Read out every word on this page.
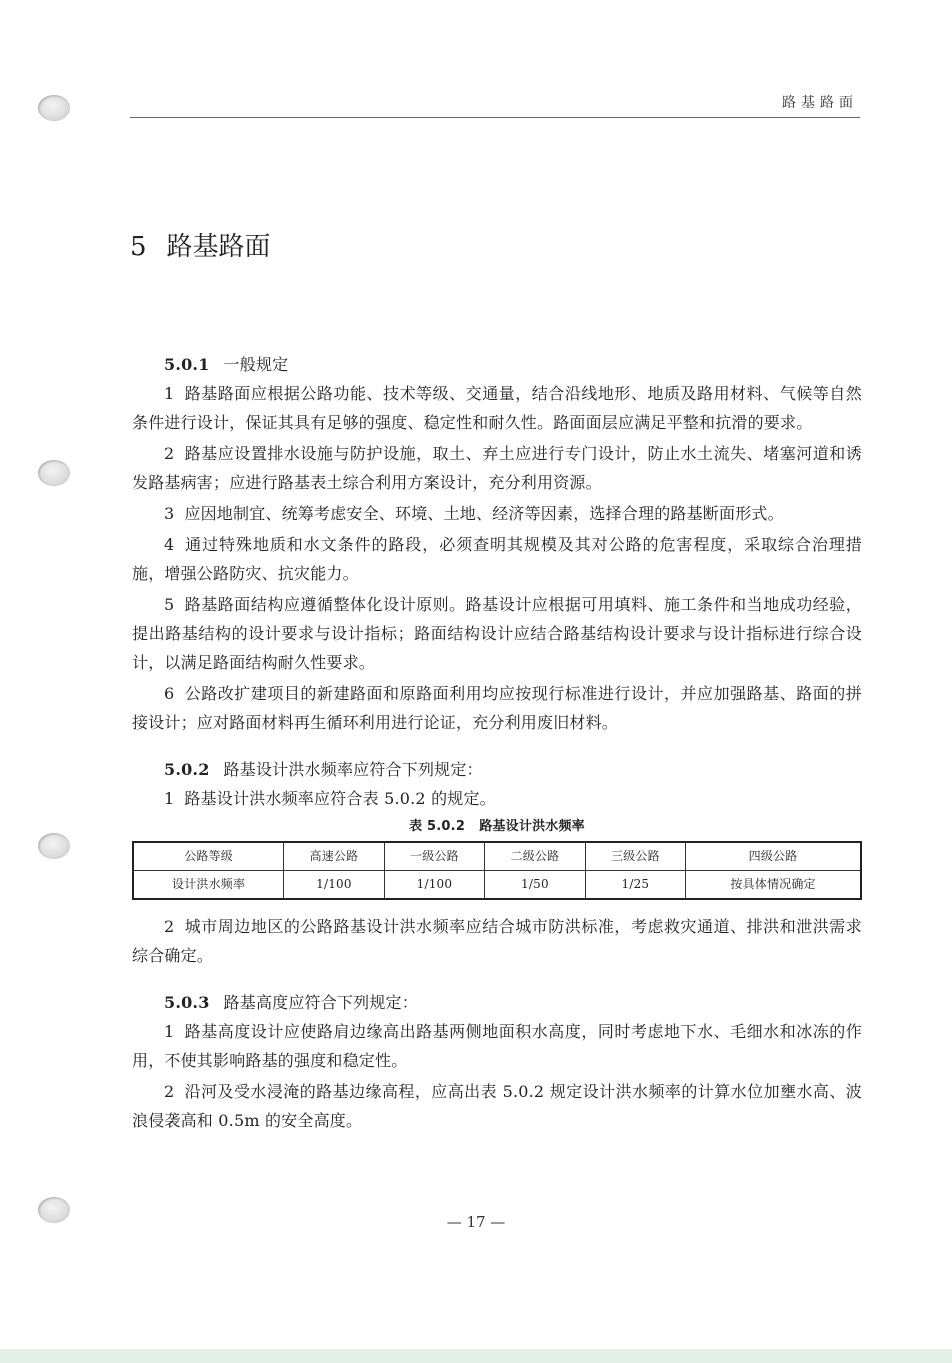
路基路面
5 路基路面

5.0.1 一般规定

1 路基路面应根据公路功能、技术等级、交通量，结合沿线地形、地质及路用材料、气候等自然条件进行设计，保证其具有足够的强度、稳定性和耐久性。路面面层应满足平整和抗滑的要求。

2 路基应设置排水设施与防护设施，取土、弃土应进行专门设计，防止水土流失、堵塞河道和诱发路基病害；应进行路基表土综合利用方案设计，充分利用资源。

3 应因地制宜、统筹考虑安全、环境、土地、经济等因素，选择合理的路基断面形式。

4 通过特殊地质和水文条件的路段，必须查明其规模及其对公路的危害程度，采取综合治理措施，增强公路防灾、抗灾能力。

5 路基路面结构应遵循整体化设计原则。路基设计应根据可用填料、施工条件和当地成功经验，提出路基结构的设计要求与设计指标；路面结构设计应结合路基结构设计要求与设计指标进行综合设计，以满足路面结构耐久性要求。

6 公路改扩建项目的新建路面和原路面利用均应按现行标准进行设计，并应加强路基、路面的拼接设计；应对路面材料再生循环利用进行论证，充分利用废旧材料。

5.0.2 路基设计洪水频率应符合下列规定：

1 路基设计洪水频率应符合表 5.0.2 的规定。

表 5.0.2 路基设计洪水频率
公路等级	高速公路	一级公路	二级公路	三级公路	四级公路
设计洪水频率	1/100	1/100	1/50	1/25	按具体情况确定

2 城市周边地区的公路路基设计洪水频率应结合城市防洪标准，考虑救灾通道、排洪和泄洪需求综合确定。

5.0.3 路基高度应符合下列规定：

1 路基高度设计应使路肩边缘高出路基两侧地面积水高度，同时考虑地下水、毛细水和冰冻的作用，不使其影响路基的强度和稳定性。

2 沿河及受水浸淹的路基边缘高程，应高出表 5.0.2 规定设计洪水频率的计算水位加壅水高、波浪侵袭高和 0.5m 的安全高度。

— 17 —
